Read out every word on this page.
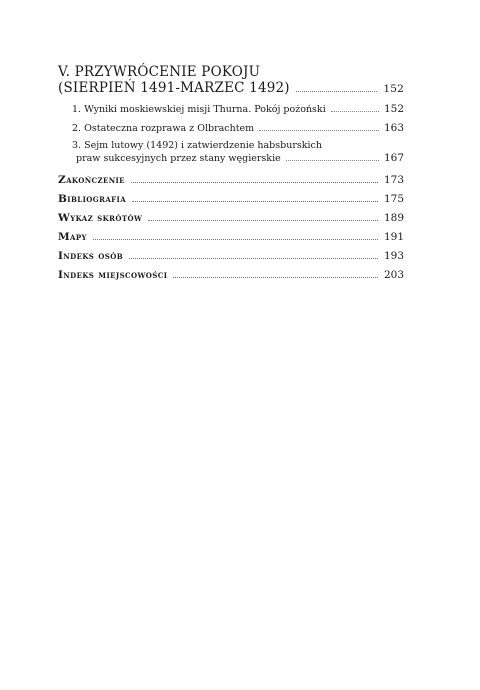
V. PRZYWRÓCENIE POKOJU
(SIERPIEŃ 1491-MARZEC 1492)	152
1. Wyniki moskiewskiej misji Thurna. Pokój pożoński	152
2. Ostateczna rozprawa z Olbrachtem	163
3. Sejm lutowy (1492) i zatwierdzenie habsburskich
praw sukcesyjnych przez stany węgierskie	167
Zakończenie	173
Bibliografia	175
Wykaz skrótów	189
Mapy	191
Indeks osób	193
Indeks miejscowości	203
